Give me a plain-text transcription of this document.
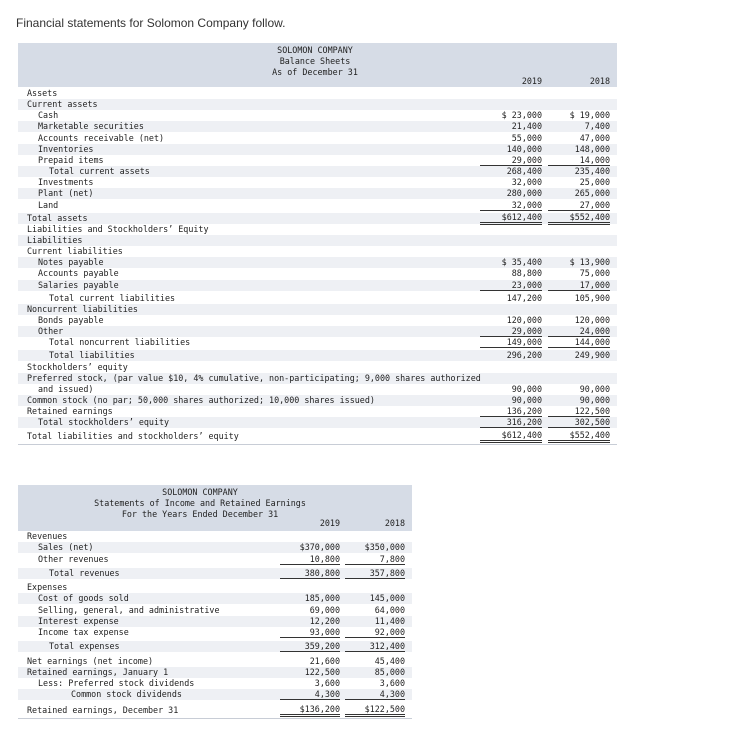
Financial statements for Solomon Company follow.
SOLOMON COMPANY
Balance Sheets
As of December 31
2019	2018
Assets
Current assets
Cash	$ 23,000	$ 19,000
Marketable securities	21,400	7,400
Accounts receivable (net)	55,000	47,000
Inventories	140,000	148,000
Prepaid items	29,000	14,000
Total current assets	268,400	235,400
Investments	32,000	25,000
Plant (net)	280,000	265,000
Land	32,000	27,000
Total assets	$612,400	$552,400
Liabilities and Stockholders’ Equity
Liabilities
Current liabilities
Notes payable	$ 35,400	$ 13,900
Accounts payable	88,800	75,000
Salaries payable	23,000	17,000
Total current liabilities	147,200	105,900
Noncurrent liabilities
Bonds payable	120,000	120,000
Other	29,000	24,000
Total noncurrent liabilities	149,000	144,000
Total liabilities	296,200	249,900
Stockholders’ equity
Preferred stock, (par value $10, 4% cumulative, non-participating; 9,000 shares authorized
and issued)	90,000	90,000
Common stock (no par; 50,000 shares authorized; 10,000 shares issued)	90,000	90,000
Retained earnings	136,200	122,500
Total stockholders’ equity	316,200	302,500
Total liabilities and stockholders’ equity	$612,400	$552,400
SOLOMON COMPANY
Statements of Income and Retained Earnings
For the Years Ended December 31
2019	2018
Revenues
Sales (net)	$370,000	$350,000
Other revenues	10,800	7,800
Total revenues	380,800	357,800
Expenses
Cost of goods sold	185,000	145,000
Selling, general, and administrative	69,000	64,000
Interest expense	12,200	11,400
Income tax expense	93,000	92,000
Total expenses	359,200	312,400
Net earnings (net income)	21,600	45,400
Retained earnings, January 1	122,500	85,000
Less: Preferred stock dividends	3,600	3,600
Common stock dividends	4,300	4,300
Retained earnings, December 31	$136,200	$122,500
